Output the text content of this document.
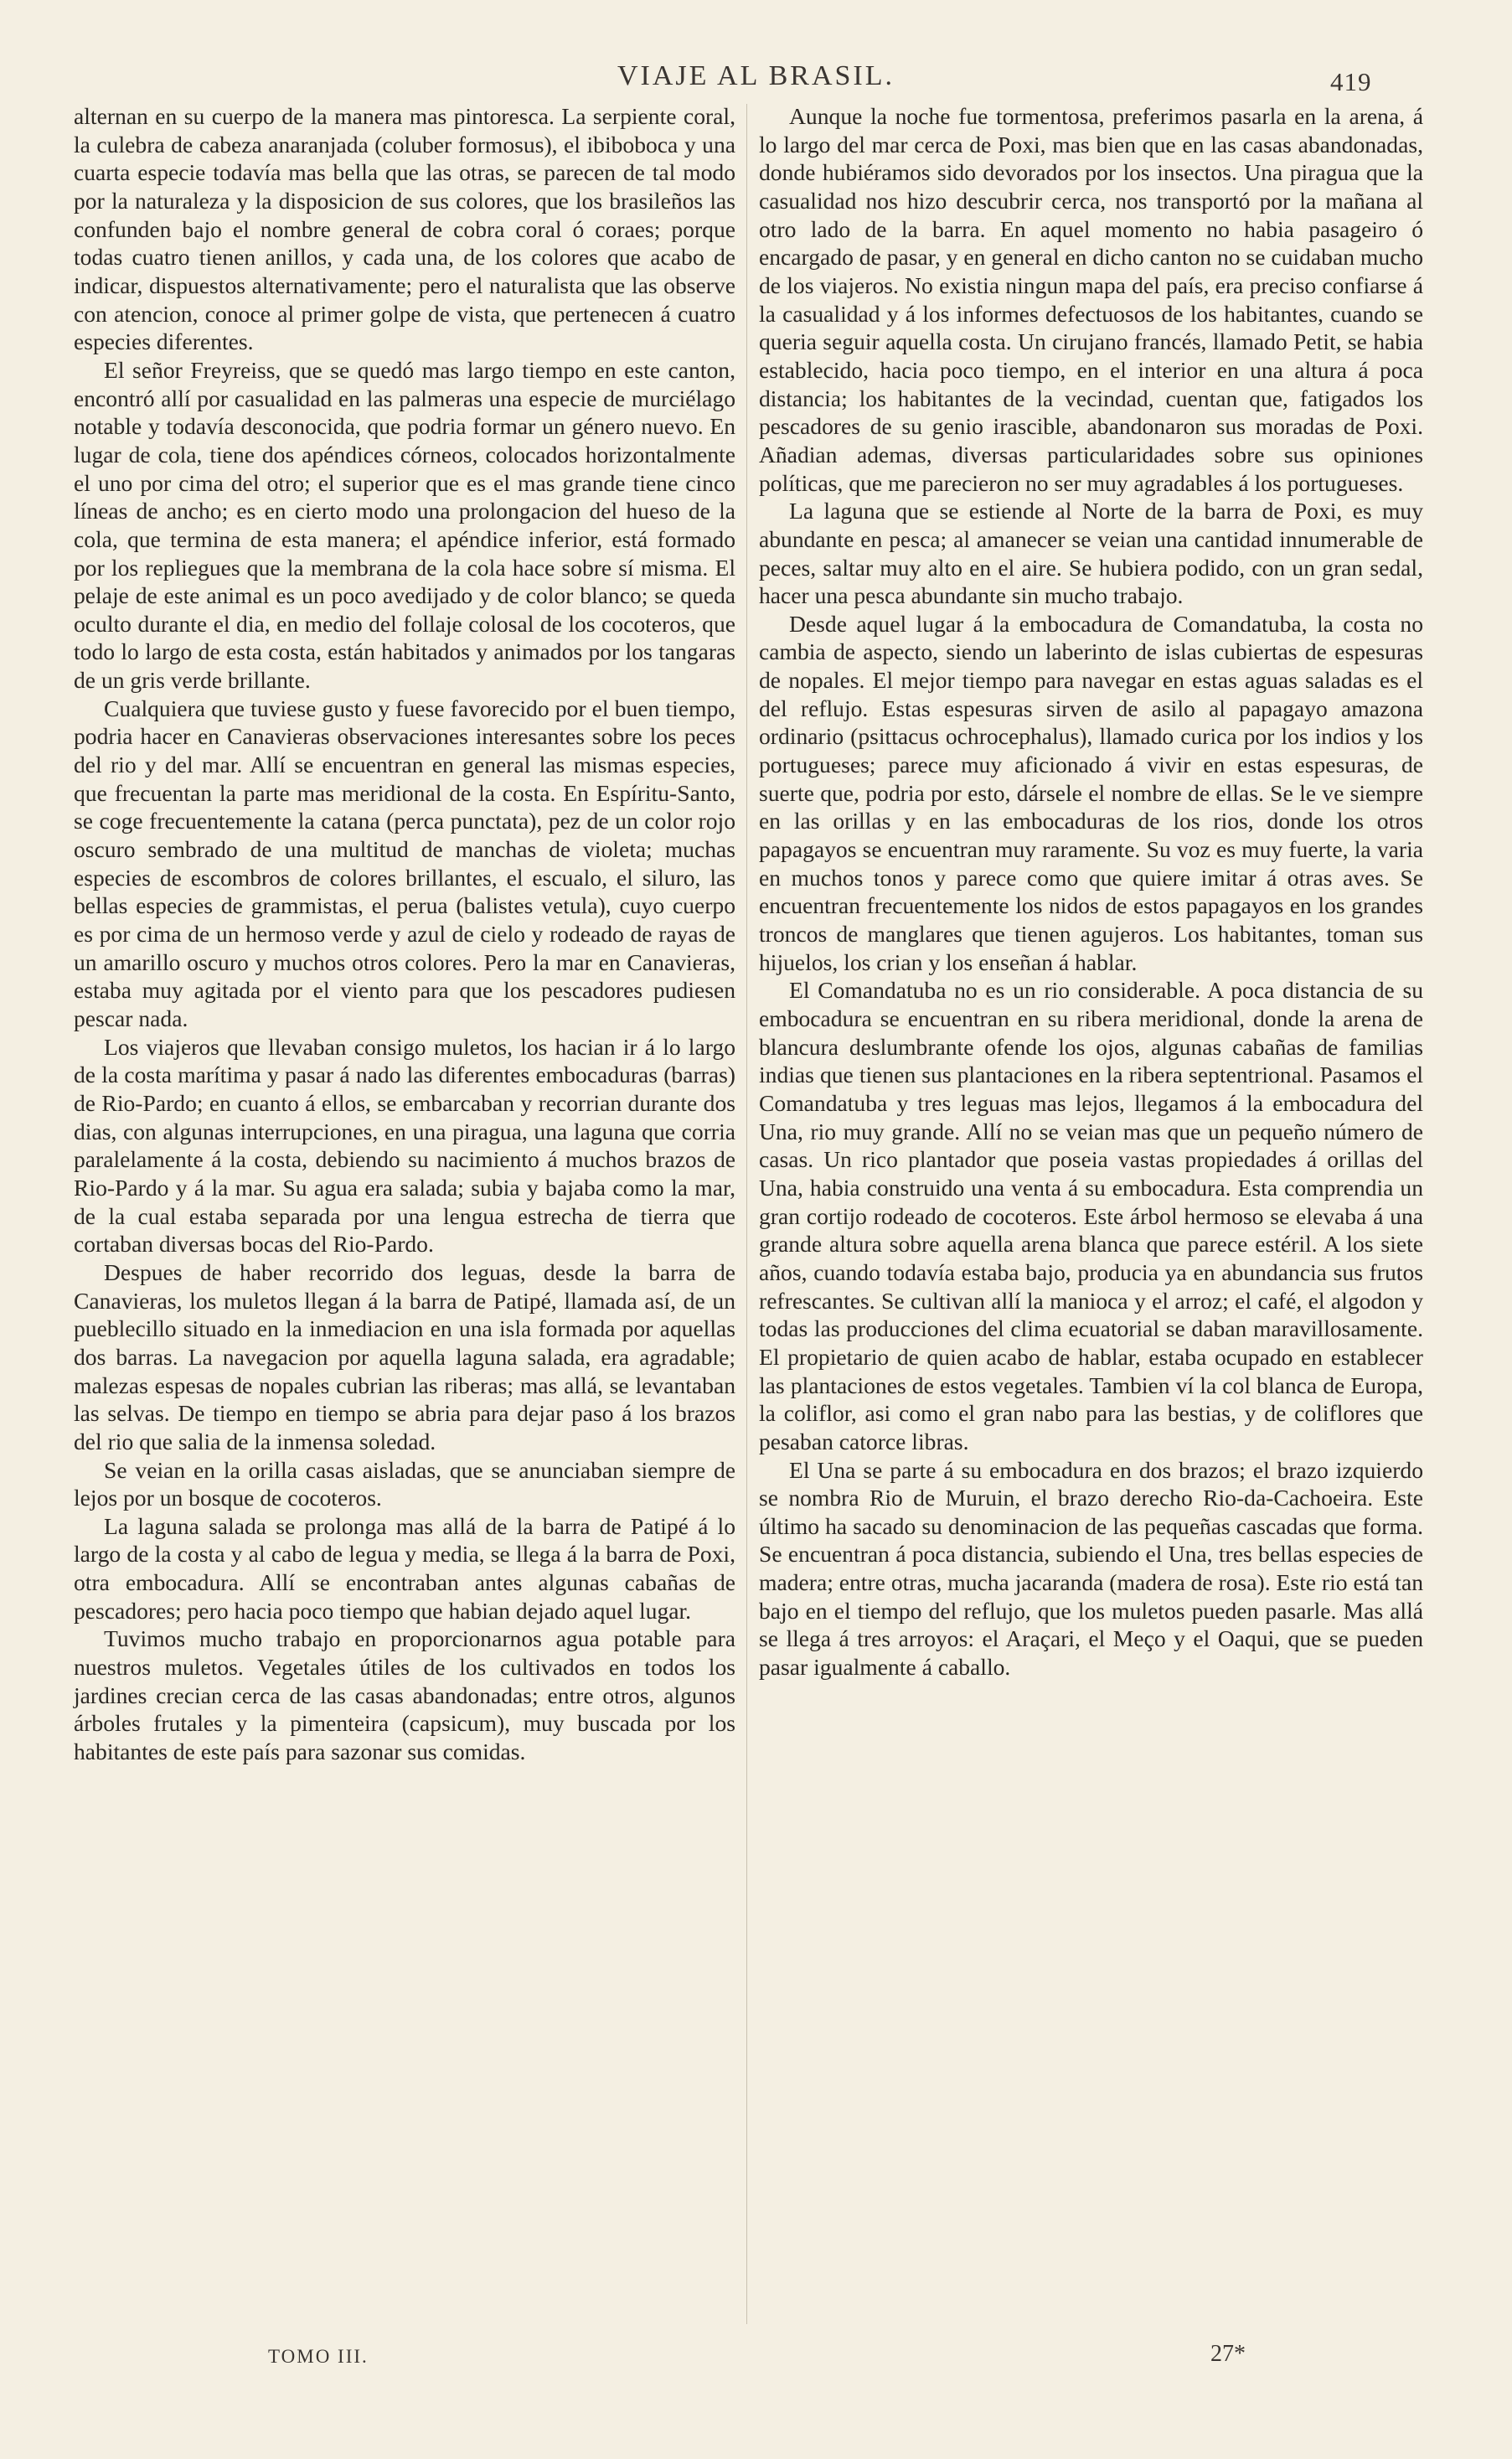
VIAJE AL BRASIL.	419

alternan en su cuerpo de la manera mas pintoresca. La serpiente coral, la culebra de cabeza anaranjada (coluber formosus), el ibiboboca y una cuarta especie todavía mas bella que las otras, se parecen de tal modo por la naturaleza y la disposicion de sus colores, que los brasileños las confunden bajo el nombre general de cobra coral ó coraes; porque todas cuatro tienen anillos, y cada una, de los colores que acabo de indicar, dispuestos alternativamente; pero el naturalista que las observe con atencion, conoce al primer golpe de vista, que pertenecen á cuatro especies diferentes.

El señor Freyreiss, que se quedó mas largo tiempo en este canton, encontró allí por casualidad en las palmeras una especie de murciélago notable y todavía desconocida, que podria formar un género nuevo. En lugar de cola, tiene dos apéndices córneos, colocados horizontalmente el uno por cima del otro; el superior que es el mas grande tiene cinco líneas de ancho; es en cierto modo una prolongacion del hueso de la cola, que termina de esta manera; el apéndice inferior, está formado por los repliegues que la membrana de la cola hace sobre sí misma. El pelaje de este animal es un poco avedijado y de color blanco; se queda oculto durante el dia, en medio del follaje colosal de los cocoteros, que todo lo largo de esta costa, están habitados y animados por los tangaras de un gris verde brillante.

Cualquiera que tuviese gusto y fuese favorecido por el buen tiempo, podria hacer en Canavieras observaciones interesantes sobre los peces del rio y del mar. Allí se encuentran en general las mismas especies, que frecuentan la parte mas meridional de la costa. En Espíritu-Santo, se coge frecuentemente la catana (perca punctata), pez de un color rojo oscuro sembrado de una multitud de manchas de violeta; muchas especies de escombros de colores brillantes, el escualo, el siluro, las bellas especies de grammistas, el perua (balistes vetula), cuyo cuerpo es por cima de un hermoso verde y azul de cielo y rodeado de rayas de un amarillo oscuro y muchos otros colores. Pero la mar en Canavieras, estaba muy agitada por el viento para que los pescadores pudiesen pescar nada.

Los viajeros que llevaban consigo muletos, los hacian ir á lo largo de la costa marítima y pasar á nado las diferentes embocaduras (barras) de Rio-Pardo; en cuanto á ellos, se embarcaban y recorrian durante dos dias, con algunas interrupciones, en una piragua, una laguna que corria paralelamente á la costa, debiendo su nacimiento á muchos brazos de Rio-Pardo y á la mar. Su agua era salada; subia y bajaba como la mar, de la cual estaba separada por una lengua estrecha de tierra que cortaban diversas bocas del Rio-Pardo.

Despues de haber recorrido dos leguas, desde la barra de Canavieras, los muletos llegan á la barra de Patipé, llamada así, de un pueblecillo situado en la inmediacion en una isla formada por aquellas dos barras. La navegacion por aquella laguna salada, era agradable; malezas espesas de nopales cubrian las riberas; mas allá, se levantaban las selvas. De tiempo en tiempo se abria para dejar paso á los brazos del rio que salia de la inmensa soledad.

Se veian en la orilla casas aisladas, que se anunciaban siempre de lejos por un bosque de cocoteros.

La laguna salada se prolonga mas allá de la barra de Patipé á lo largo de la costa y al cabo de legua y media, se llega á la barra de Poxi, otra embocadura. Allí se encontraban antes algunas cabañas de pescadores; pero hacia poco tiempo que habian dejado aquel lugar.

Tuvimos mucho trabajo en proporcionarnos agua potable para nuestros muletos. Vegetales útiles de los cultivados en todos los jardines crecian cerca de las casas abandonadas; entre otros, algunos árboles frutales y la pimenteira (capsicum), muy buscada por los habitantes de este país para sazonar sus comidas.

Aunque la noche fue tormentosa, preferimos pasarla en la arena, á lo largo del mar cerca de Poxi, mas bien que en las casas abandonadas, donde hubiéramos sido devorados por los insectos. Una piragua que la casualidad nos hizo descubrir cerca, nos transportó por la mañana al otro lado de la barra. En aquel momento no habia pasageiro ó encargado de pasar, y en general en dicho canton no se cuidaban mucho de los viajeros. No existia ningun mapa del país, era preciso confiarse á la casualidad y á los informes defectuosos de los habitantes, cuando se queria seguir aquella costa. Un cirujano francés, llamado Petit, se habia establecido, hacia poco tiempo, en el interior en una altura á poca distancia; los habitantes de la vecindad, cuentan que, fatigados los pescadores de su genio irascible, abandonaron sus moradas de Poxi. Añadian ademas, diversas particularidades sobre sus opiniones políticas, que me parecieron no ser muy agradables á los portugueses.

La laguna que se estiende al Norte de la barra de Poxi, es muy abundante en pesca; al amanecer se veian una cantidad innumerable de peces, saltar muy alto en el aire. Se hubiera podido, con un gran sedal, hacer una pesca abundante sin mucho trabajo.

Desde aquel lugar á la embocadura de Comandatuba, la costa no cambia de aspecto, siendo un laberinto de islas cubiertas de espesuras de nopales. El mejor tiempo para navegar en estas aguas saladas es el del reflujo. Estas espesuras sirven de asilo al papagayo amazona ordinario (psittacus ochrocephalus), llamado curica por los indios y los portugueses; parece muy aficionado á vivir en estas espesuras, de suerte que, podria por esto, dársele el nombre de ellas. Se le ve siempre en las orillas y en las embocaduras de los rios, donde los otros papagayos se encuentran muy raramente. Su voz es muy fuerte, la varia en muchos tonos y parece como que quiere imitar á otras aves. Se encuentran frecuentemente los nidos de estos papagayos en los grandes troncos de manglares que tienen agujeros. Los habitantes, toman sus hijuelos, los crian y los enseñan á hablar.

El Comandatuba no es un rio considerable. A poca distancia de su embocadura se encuentran en su ribera meridional, donde la arena de blancura deslumbrante ofende los ojos, algunas cabañas de familias indias que tienen sus plantaciones en la ribera septentrional. Pasamos el Comandatuba y tres leguas mas lejos, llegamos á la embocadura del Una, rio muy grande. Allí no se veian mas que un pequeño número de casas. Un rico plantador que poseia vastas propiedades á orillas del Una, habia construido una venta á su embocadura. Esta comprendia un gran cortijo rodeado de cocoteros. Este árbol hermoso se elevaba á una grande altura sobre aquella arena blanca que parece estéril. A los siete años, cuando todavía estaba bajo, producia ya en abundancia sus frutos refrescantes. Se cultivan allí la manioca y el arroz; el café, el algodon y todas las producciones del clima ecuatorial se daban maravillosamente. El propietario de quien acabo de hablar, estaba ocupado en establecer las plantaciones de estos vegetales. Tambien ví la col blanca de Europa, la coliflor, asi como el gran nabo para las bestias, y de coliflores que pesaban catorce libras.

El Una se parte á su embocadura en dos brazos; el brazo izquierdo se nombra Rio de Muruin, el brazo derecho Rio-da-Cachoeira. Este último ha sacado su denominacion de las pequeñas cascadas que forma. Se encuentran á poca distancia, subiendo el Una, tres bellas especies de madera; entre otras, mucha jacaranda (madera de rosa). Este rio está tan bajo en el tiempo del reflujo, que los muletos pueden pasarle. Mas allá se llega á tres arroyos: el Araçari, el Meço y el Oaqui, que se pueden pasar igualmente á caballo.

TOMO III.	27*
